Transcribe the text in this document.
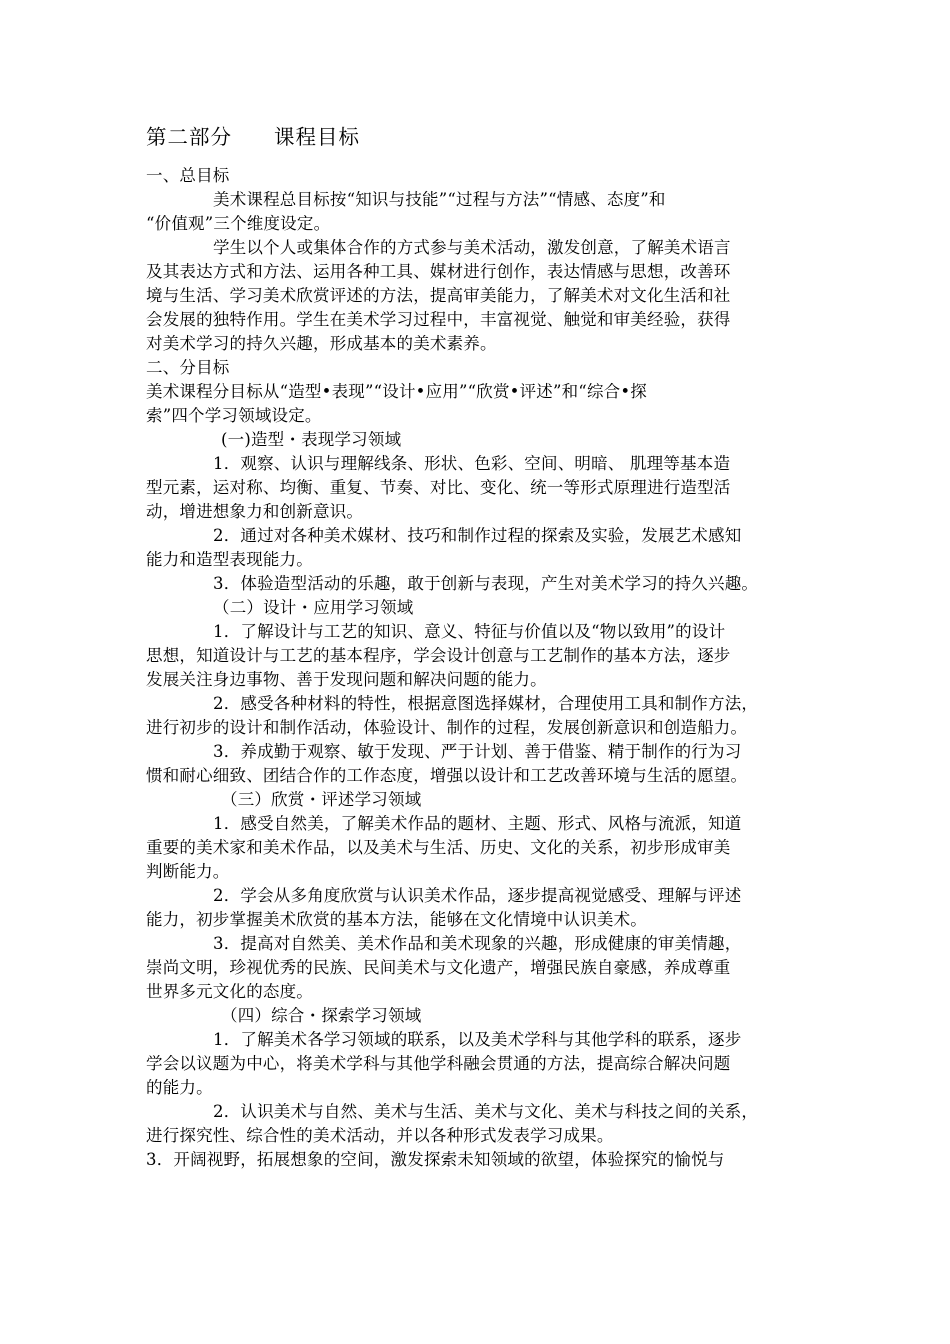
第二部分 课程目标
一、总目标
美术课程总目标按“知识与技能”“过程与方法”“情感、态度”和
“价值观”三个维度设定。
学生以个人或集体合作的方式参与美术活动，激发创意，了解美术语言
及其表达方式和方法、运用各种工具、媒材进行创作，表达情感与思想，改善环
境与生活、学习美术欣赏评述的方法，提高审美能力，了解美术对文化生活和社
会发展的独特作用。学生在美术学习过程中，丰富视觉、触觉和审美经验，获得
对美术学习的持久兴趣，形成基本的美术素养。
二、分目标
美术课程分目标从“造型•表现”“设计•应用”“欣赏•评述”和“综合•探
索”四个学习领域设定。
(一)造型・表现学习领域
1．观察、认识与理解线条、形状、色彩、空间、明暗、 肌理等基本造
型元素，运对称、均衡、重复、节奏、对比、变化、统一等形式原理进行造型活
动，增进想象力和创新意识。
2．通过对各种美术媒材、技巧和制作过程的探索及实验，发展艺术感知
能力和造型表现能力。
3．体验造型活动的乐趣，敢于创新与表现，产生对美术学习的持久兴趣。
（二）设计・应用学习领域
1．了解设计与工艺的知识、意义、特征与价值以及“物以致用”的设计
思想，知道设计与工艺的基本程序，学会设计创意与工艺制作的基本方法，逐步
发展关注身边事物、善于发现问题和解决问题的能力。
2．感受各种材料的特性，根据意图选择媒材，合理使用工具和制作方法，
进行初步的设计和制作活动，体验设计、制作的过程，发展创新意识和创造船力。
3．养成勤于观察、敏于发现、严于计划、善于借鉴、精于制作的行为习
惯和耐心细致、团结合作的工作态度，增强以设计和工艺改善环境与生活的愿望。
（三）欣赏・评述学习领域
1．感受自然美，了解美术作品的题材、主题、形式、风格与流派，知道
重要的美术家和美术作品，以及美术与生活、历史、文化的关系，初步形成审美
判断能力。
2．学会从多角度欣赏与认识美术作品，逐步提高视觉感受、理解与评述
能力，初步掌握美术欣赏的基本方法，能够在文化情境中认识美术。
3．提高对自然美、美术作品和美术现象的兴趣，形成健康的审美情趣，
崇尚文明，珍视优秀的民族、民间美术与文化遗产，增强民族自豪感，养成尊重
世界多元文化的态度。
（四）综合・探索学习领域
1．了解美术各学习领域的联系，以及美术学科与其他学科的联系，逐步
学会以议题为中心，将美术学科与其他学科融会贯通的方法，提高综合解决问题
的能力。
2．认识美术与自然、美术与生活、美术与文化、美术与科技之间的关系，
进行探究性、综合性的美术活动，并以各种形式发表学习成果。
3．开阔视野，拓展想象的空间，激发探索未知领域的欲望，体验探究的愉悦与
